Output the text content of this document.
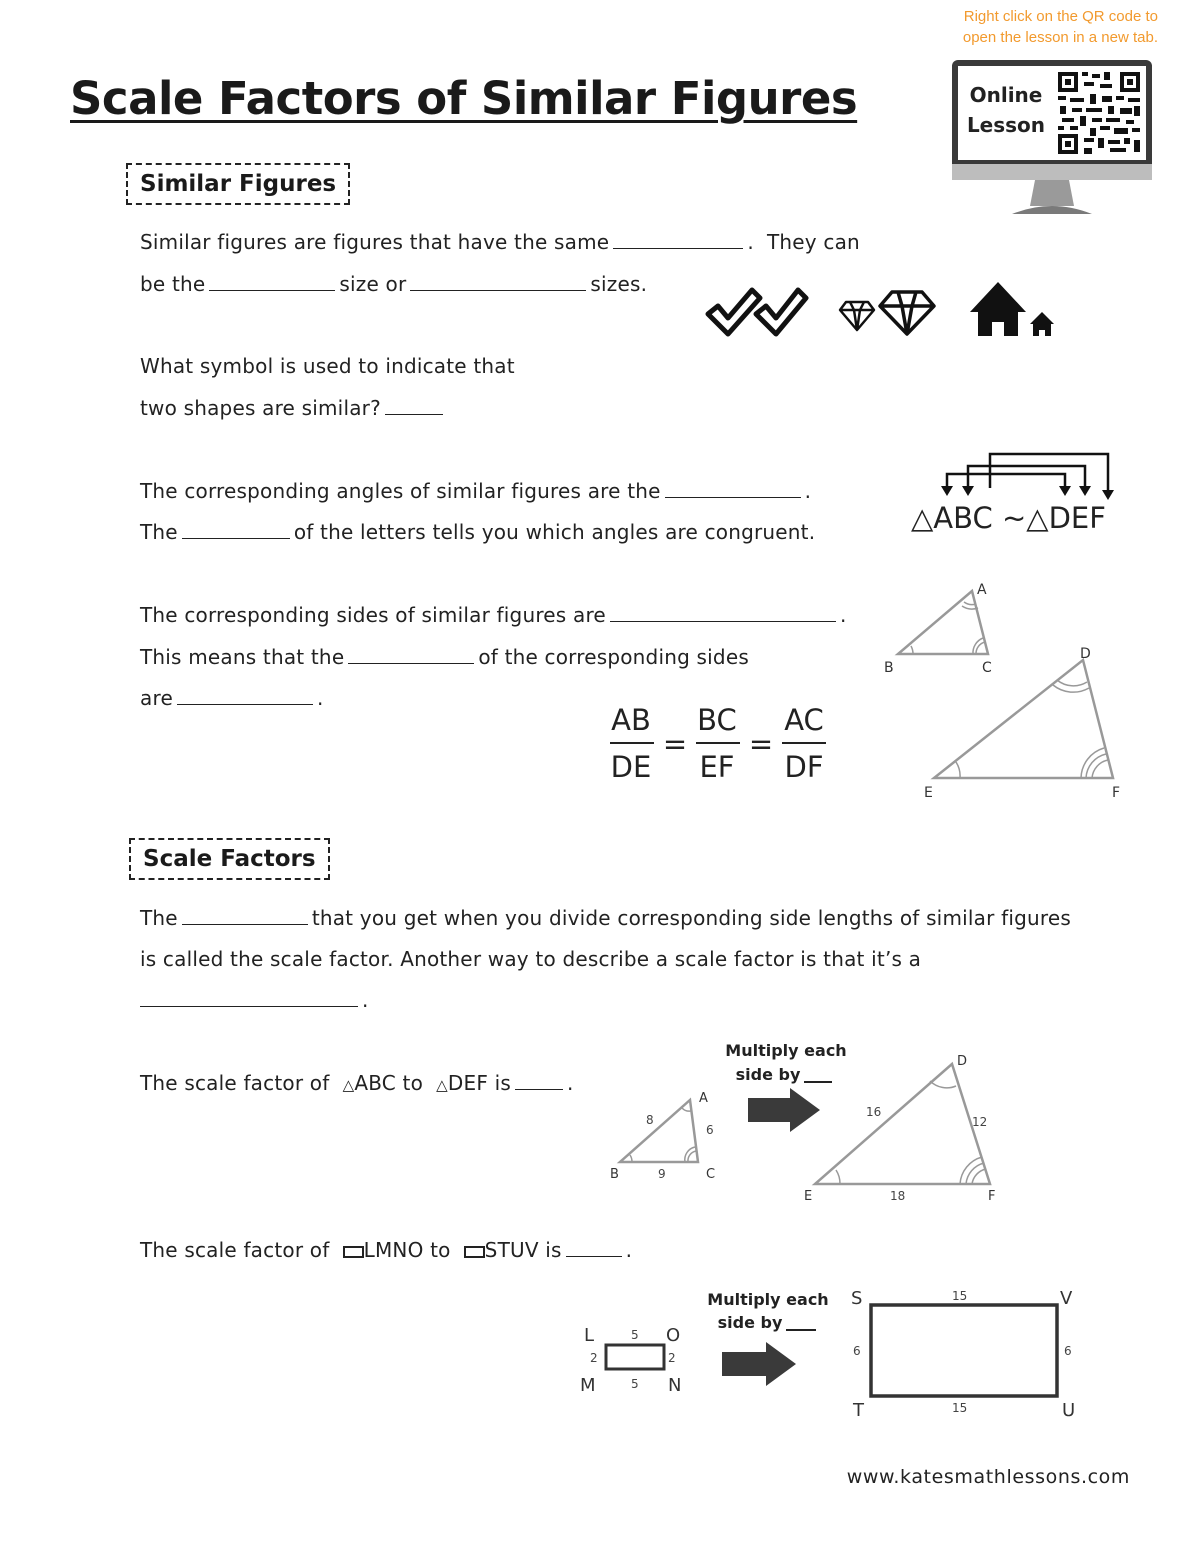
Right click on the QR code to
open the lesson in a new tab.
Scale Factors of Similar Figures	Online
Lesson
Similar Figures
Similar figures are figures that have the same	.  They can
be the	size or	sizes.
What symbol is used to indicate that
two shapes are similar?
The corresponding angles of similar figures are the	.
The	of the letters tells you which angles are congruent.	△ABC ~△DEF
The corresponding sides of similar figures are	.
This means that the	of the corresponding sides
are	.
AB
DE
=
BC
EF
=
AC
DF
A
B	C
D
E	F
Scale Factors
The	that you get when you divide corresponding side lengths of similar figures
is called the scale factor. Another way to describe a scale factor is that it’s a
.
The scale factor of △ABC to △DEF is	.
A
B	C
8
6
9
Multiply each
side by
D
E	F
16
12
18
The scale factor of LMNO to STUV is	.
L
M	N
O
5
5
2	2
Multiply each
side by
S
T	U
V
15
15
6	6
www.katesmathlessons.com
